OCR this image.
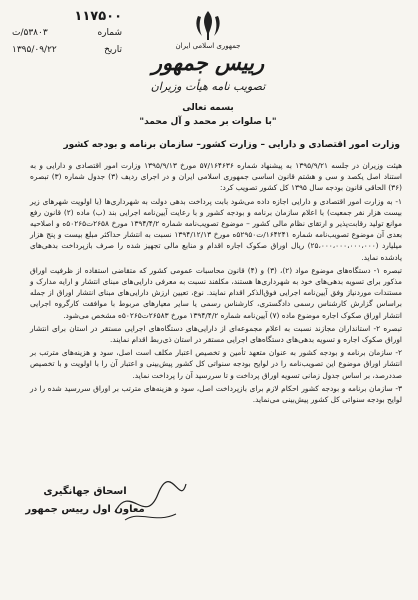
۱۱۷۵۰۰
شماره
۵۳۸۰۳/ت
تاریخ
۱۳۹۵/۰۹/۲۲	جمهوری اسلامی ایران
رییس جمهور
تصویب نامه هیأت وزیران
بسمه تعالی
"با صلوات بر محمد و آل محمد"
وزارت امور اقتصادی و دارایی – وزارت کشور– سازمان برنامه و بودجه کشور

هیئت وزیران در جلسه ۱۳۹۵/۹/۲۱ به پیشنهاد شماره ۵۷/۱۶۴۶۳۶ مورخ ۱۳۹۵/۹/۱۳ وزارت امور اقتصادی و دارایی و به استناد اصل یکصد و سی و هشتم قانون اساسی جمهوری اسلامی ایران و در اجرای ردیف (۳) جدول شماره (۳) تبصره (۳۶) الحاقی قانون بودجه سال ۱۳۹۵ کل کشور تصویب کرد:

۱- به وزارت امور اقتصادی و دارایی اجازه داده می‌شود بابت پرداخت بدهی دولت به شهرداری‌ها (با اولویت شهرهای زیر بیست هزار نفر جمعیت) با اعلام سازمان برنامه و بودجه کشور و با رعایت آیین‌نامه اجرایی بند (ب) ماده (۲) قانون رفع موانع تولید رقابت‌پذیر و ارتقای نظام مالی کشور – موضوع تصویب‌نامه شماره ۱۳۹۴/۴/۲ مورخ ۲۶۵۸ت۵۰۲۶۵ه و اصلاحیه بعدی آن موضوع تصویب‌نامه شماره ۱۶۴۲۴۱/ت۵۲۹۵۰ه مورخ ۱۳۹۴/۱۲/۱۳ نسبت به انتشار حداکثر مبلغ بیست و پنج هزار میلیارد (۲۵،۰۰۰،۰۰۰،۰۰۰،۰۰۰) ریال اوراق صکوک اجاره اقدام و منابع مالی تجهیز شده را صرف بازپرداخت بدهی‌های یادشده نماید.

تبصره ۱- دستگاه‌های موضوع مواد (۲)، (۳) و (۴) قانون محاسبات عمومی کشور که متقاضی استفاده از ظرفیت اوراق مذکور برای تسویه بدهی‌های خود به شهرداری‌ها هستند، مکلفند نسبت به معرفی دارایی‌های مبنای انتشار و ارایه مدارک و مستندات موردنیاز وفق آیین‌نامه اجرایی فوق‌الذکر اقدام نمایند. نوع، تعیین ارزش دارایی‌های مبنای انتشار اوراق از جمله براساس گزارش کارشناس رسمی دادگستری، کارشناس رسمی یا سایر معیارهای مربوط با موافقت کارگروه اجرایی انتشار اوراق صکوک اجاره موضوع ماده (۷) آیین‌نامه شماره ۱۳۹۴/۴/۲ مورخ ۲۶۵۸۳ت۵۰۲۶۵ه مشخص می‌شود.

تبصره ۲- استانداران مجازند نسبت به اعلام مجموعه‌ای از دارایی‌های دستگاه‌های اجرایی مستقر در استان برای انتشار اوراق صکوک اجاره و تسویه بدهی‌های دستگاه‌های اجرایی مستقر در استان ذی‌ربط اقدام نمایند.

۲- سازمان برنامه و بودجه کشور به عنوان متعهد تأمین و تخصیص اعتبار مکلف است اصل، سود و هزینه‌های مترتب بر انتشار اوراق موضوع این تصویب‌نامه را در لوایح بودجه سنواتی کل کشور پیش‌بینی و اعتبار آن را با اولویت و با تخصیص صددرصد، بر اساس جدول زمانی تسویه اوراق پرداخت و تا سررسید آن را پرداخت نماید.

۳- سازمان برنامه و بودجه کشور احکام لازم برای بازپرداخت اصل، سود و هزینه‌های مترتب بر اوراق سررسید شده را در لوایح بودجه سنواتی کل کشور پیش‌بینی می‌نماید.

اسحاق جهانگیری
معاون اول رییس جمهور
